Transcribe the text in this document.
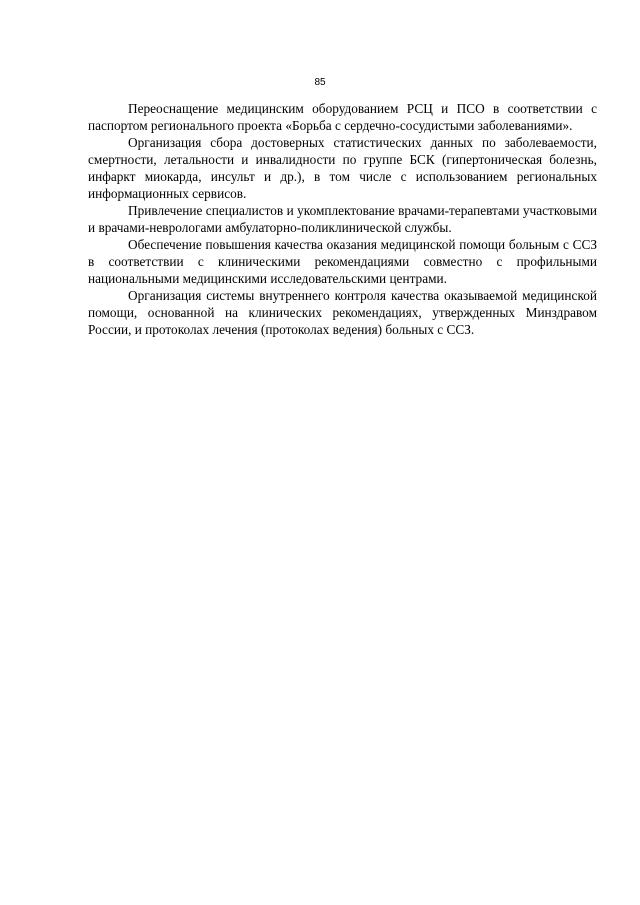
85

Переоснащение медицинским оборудованием РСЦ и ПСО в соответствии с паспортом регионального проекта «Борьба с сердечно-сосудистыми заболеваниями».

Организация сбора достоверных статистических данных по заболеваемости, смертности, летальности и инвалидности по группе БСК (гипертоническая болезнь, инфаркт миокарда, инсульт и др.), в том числе с использованием региональных информационных сервисов.

Привлечение специалистов и укомплектование врачами-терапевтами участковыми и врачами-неврологами амбулаторно-поликлинической службы.

Обеспечение повышения качества оказания медицинской помощи больным с ССЗ в соответствии с клиническими рекомендациями совместно с профильными национальными медицинскими исследовательскими центрами.

Организация системы внутреннего контроля качества оказываемой медицинской помощи, основанной на клинических рекомендациях, утвержденных Минздравом России, и протоколах лечения (протоколах ведения) больных с ССЗ.
